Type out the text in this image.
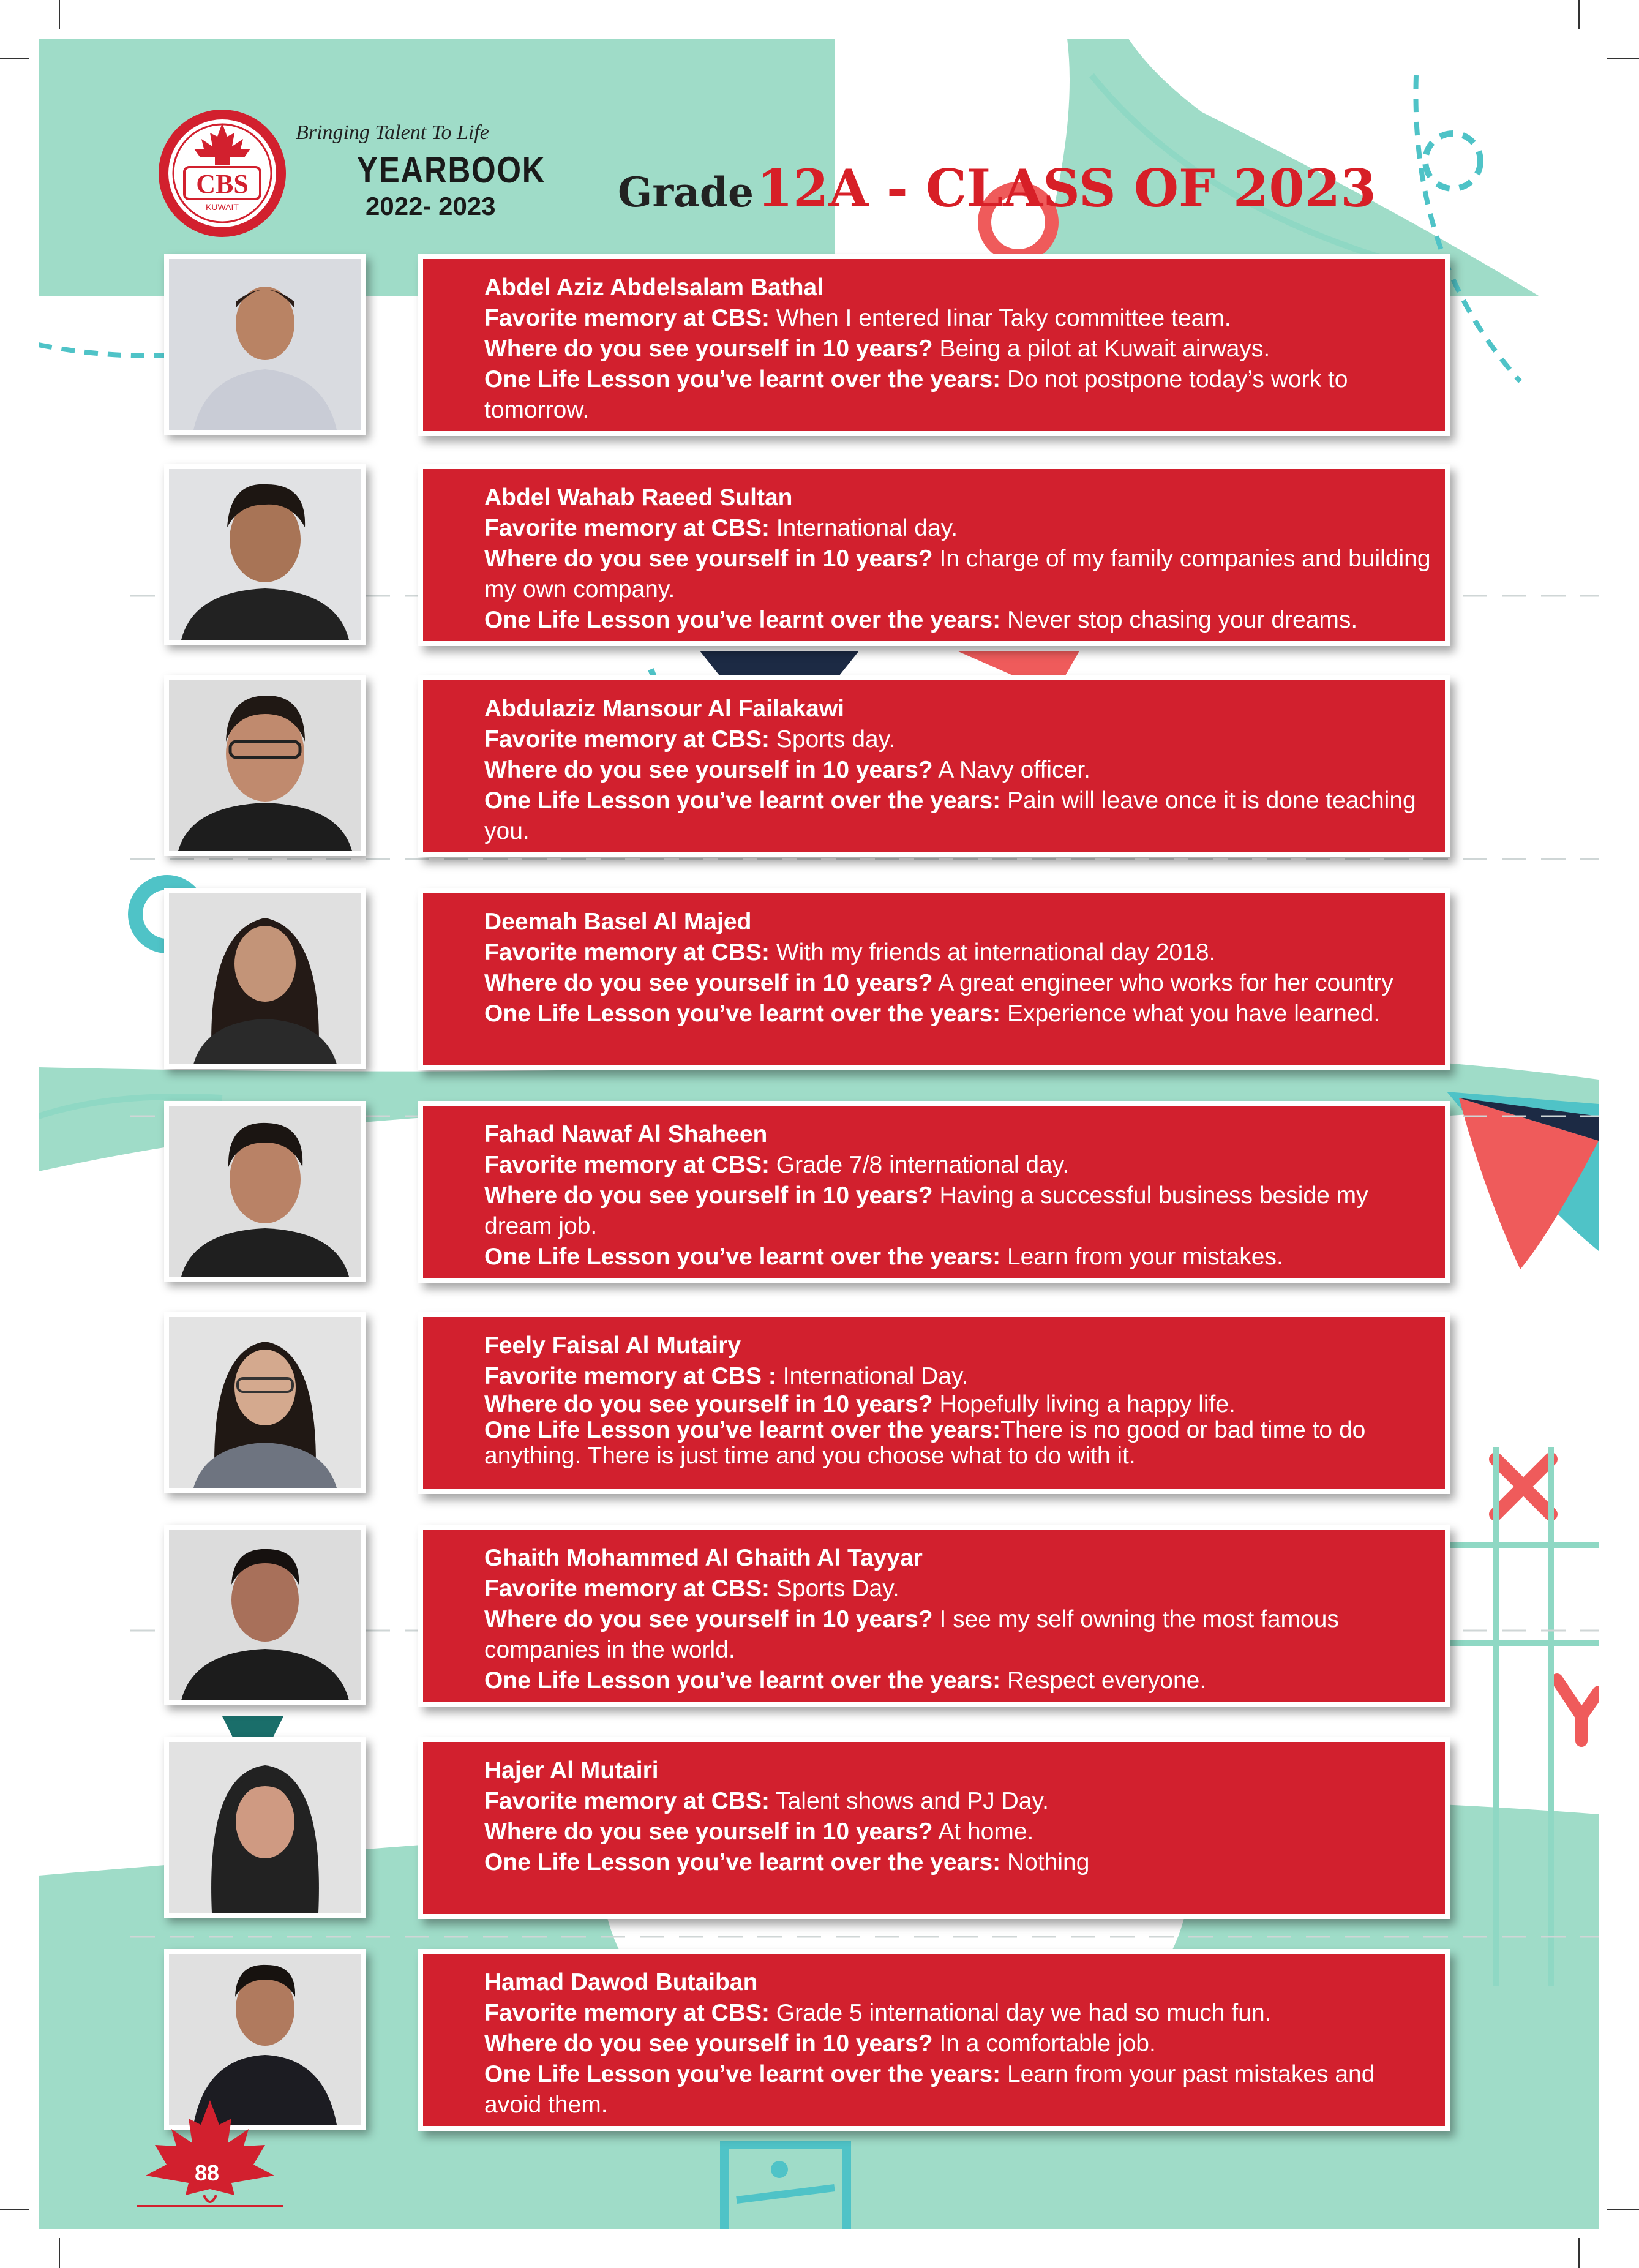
CBS
KUWAIT
Bringing Talent To Life
YEARBOOK
2022- 2023	Grade 12A - CLASS OF 2023
Abdel Aziz Abdelsalam Bathal
Favorite memory at CBS: When I entered Iinar Taky committee team.
Where do you see yourself in 10 years? Being a pilot at Kuwait airways.
One Life Lesson you’ve learnt over the years: Do not postpone today’s work to tomorrow.
Abdel Wahab Raeed Sultan
Favorite memory at CBS: International day.
Where do you see yourself in 10 years? In charge of my family companies and building my own company.
One Life Lesson you’ve learnt over the years: Never stop chasing your dreams.
Abdulaziz Mansour Al Failakawi
Favorite memory at CBS: Sports day.
Where do you see yourself in 10 years? A Navy officer.
One Life Lesson you’ve learnt over the years: Pain will leave once it is done teaching you.
Deemah Basel Al Majed
Favorite memory at CBS: With my friends at international day 2018.
Where do you see yourself in 10 years? A great engineer who works for her country
One Life Lesson you’ve learnt over the years: Experience what you have learned.
Fahad Nawaf Al Shaheen
Favorite memory at CBS: Grade 7/8 international day.
Where do you see yourself in 10 years? Having a successful business beside my dream job.
One Life Lesson you’ve learnt over the years: Learn from your mistakes.
Feely Faisal Al Mutairy
Favorite memory at CBS : International Day.
Where do you see yourself in 10 years? Hopefully living a happy life.
One Life Lesson you’ve learnt over the years:There is no good or bad time to do anything. There is just time and you choose what to do with it.
Ghaith Mohammed Al Ghaith Al Tayyar
Favorite memory at CBS: Sports Day.
Where do you see yourself in 10 years? I see my self owning the most famous companies in the world.
One Life Lesson you’ve learnt over the years: Respect everyone.
Hajer Al Mutairi
Favorite memory at CBS: Talent shows and PJ Day.
Where do you see yourself in 10 years? At home.
One Life Lesson you’ve learnt over the years: Nothing
Hamad Dawod Butaiban
Favorite memory at CBS: Grade 5 international day we had so much fun.
Where do you see yourself in 10 years? In a comfortable job.
One Life Lesson you’ve learnt over the years: Learn from your past mistakes and avoid them.
88
